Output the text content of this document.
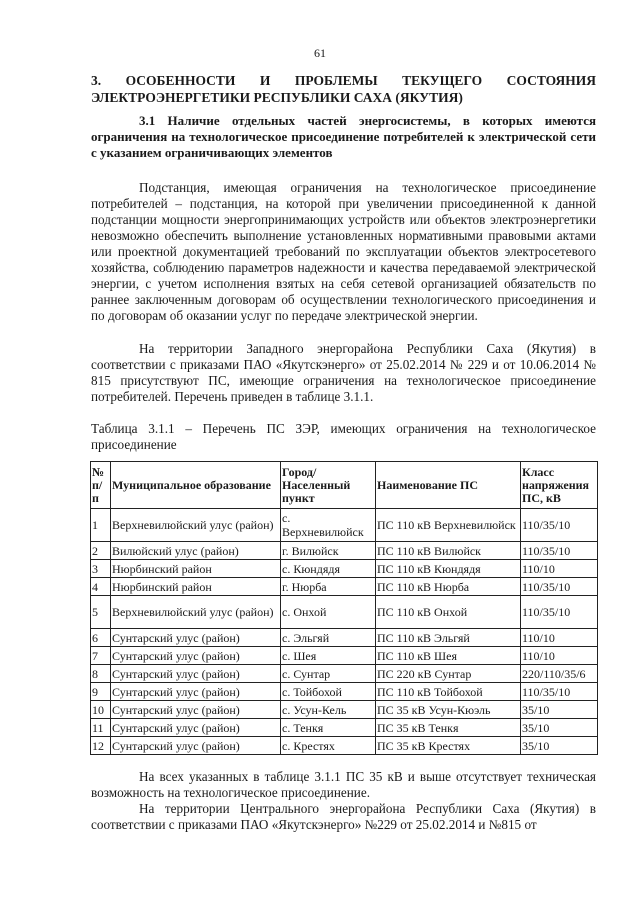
61
3. ОСОБЕННОСТИ И ПРОБЛЕМЫ ТЕКУЩЕГО СОСТОЯНИЯ ЭЛЕКТРОЭНЕРГЕТИКИ РЕСПУБЛИКИ САХА (ЯКУТИЯ)
3.1 Наличие отдельных частей энергосистемы, в которых имеются ограничения на технологическое присоединение потребителей к электрической сети с указанием ограничивающих элементов
Подстанция, имеющая ограничения на технологическое присоединение потребителей – подстанция, на которой при увеличении присоединенной к данной подстанции мощности энергопринимающих устройств или объектов электроэнергетики невозможно обеспечить выполнение установленных нормативными правовыми актами или проектной документацией требований по эксплуатации объектов электросетевого хозяйства, соблюдению параметров надежности и качества передаваемой электрической энергии, с учетом исполнения взятых на себя сетевой организацией обязательств по раннее заключенным договорам об осуществлении технологического присоединения и по договорам об оказании услуг по передаче электрической энергии.
На территории Западного энергорайона Республики Саха (Якутия) в соответствии с приказами ПАО «Якутскэнерго» от 25.02.2014 № 229 и от 10.06.2014 № 815 присутствуют ПС, имеющие ограничения на технологическое присоединение потребителей. Перечень приведен в таблице 3.1.1.
Таблица 3.1.1 – Перечень ПС ЗЭР, имеющих ограничения на технологическое присоединение
№ п/п	Муниципальное образование	Город/ Населенный пункт	Наименование ПС	Класс напряжения ПС, кВ
1	Верхневилюйский улус (район)	с. Верхневилюйск	ПС 110 кВ Верхневилюйск	110/35/10
2	Вилюйский улус (район)	г. Вилюйск	ПС 110 кВ Вилюйск	110/35/10
3	Нюрбинский район	с. Кюндядя	ПС 110 кВ Кюндядя	110/10
4	Нюрбинский район	г. Нюрба	ПС 110 кВ Нюрба	110/35/10
5	Верхневилюйский улус (район)	с. Онхой	ПС 110 кВ Онхой	110/35/10
6	Сунтарский улус (район)	с. Эльгяй	ПС 110 кВ Эльгяй	110/10
7	Сунтарский улус (район)	с. Шея	ПС 110 кВ Шея	110/10
8	Сунтарский улус (район)	с. Сунтар	ПС 220 кВ Сунтар	220/110/35/6
9	Сунтарский улус (район)	с. Тойбохой	ПС 110 кВ Тойбохой	110/35/10
10	Сунтарский улус (район)	с. Усун-Кель	ПС 35 кВ Усун-Кюэль	35/10
11	Сунтарский улус (район)	с. Тенкя	ПС 35 кВ Тенкя	35/10
12	Сунтарский улус (район)	с. Крестях	ПС 35 кВ Крестях	35/10
На всех указанных в таблице 3.1.1 ПС 35 кВ и выше отсутствует техническая возможность на технологическое присоединение.
На территории Центрального энергорайона Республики Саха (Якутия) в соответствии с приказами ПАО «Якутскэнерго» №229 от 25.02.2014 и №815 от
